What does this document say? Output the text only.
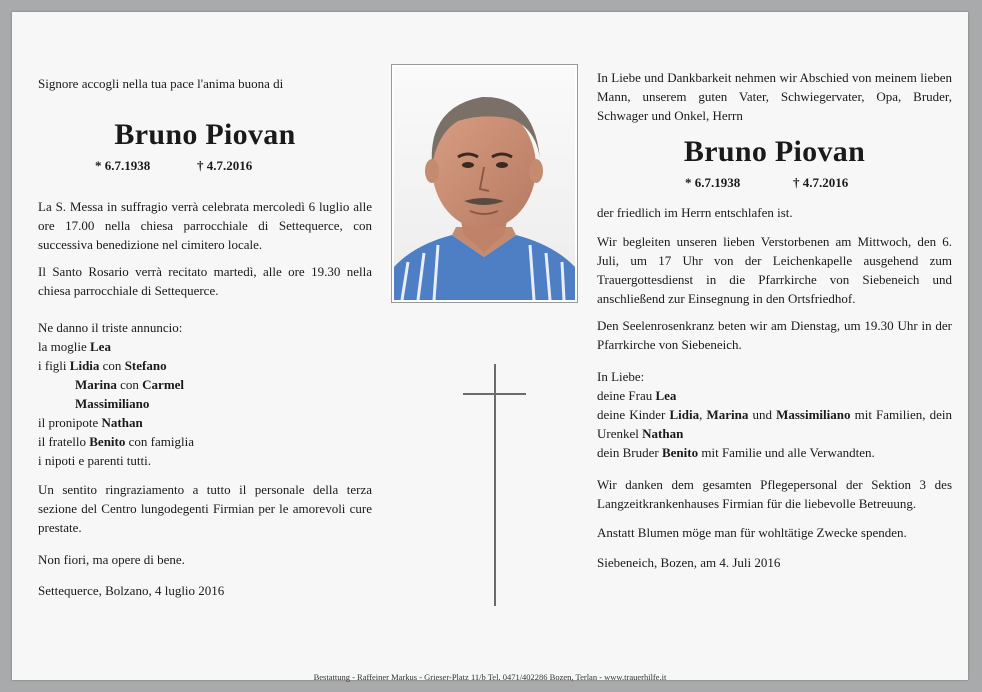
Signore accogli nella tua pace l'anima buona di
Bruno Piovan
* 6.7.1938	† 4.7.2016

La S. Messa in suffragio verrà celebrata mercoledì 6 luglio alle ore 17.00 nella chiesa parrocchiale di Settequerce, con successiva benedizione nel cimitero locale.

Il Santo Rosario verrà recitato martedì, alle ore 19.30 nella chiesa parrocchiale di Settequerce.

Ne danno il triste annuncio:
la moglie Lea
i figli Lidia con Stefano
Marina con Carmel
Massimiliano
il pronipote Nathan
il fratello Benito con famiglia
i nipoti e parenti tutti.

Un sentito ringraziamento a tutto il personale della terza sezione del Centro lungodegenti Firmian per le amorevoli cure prestate.

Non fiori, ma opere di bene.

Settequerce, Bolzano, 4 luglio 2016

In Liebe und Dankbarkeit nehmen wir Abschied von meinem lieben Mann, unserem guten Vater, Schwiegervater, Opa, Bruder, Schwager und Onkel, Herrn

Bruno Piovan
* 6.7.1938	† 4.7.2016

der friedlich im Herrn entschlafen ist.

Wir begleiten unseren lieben Verstorbenen am Mittwoch, den 6. Juli, um 17 Uhr von der Leichenkapelle ausgehend zum Trauergottesdienst in die Pfarrkirche von Siebeneich und anschließend zur Einsegnung in den Ortsfriedhof.

Den Seelenrosenkranz beten wir am Dienstag, um 19.30 Uhr in der Pfarrkirche von Siebeneich.

In Liebe:
deine Frau Lea
deine Kinder Lidia, Marina und Massimiliano mit Familien, dein Urenkel Nathan
dein Bruder Benito mit Familie und alle Verwandten.

Wir danken dem gesamten Pflegepersonal der Sektion 3 des Langzeitkrankenhauses Firmian für die liebevolle Betreuung.

Anstatt Blumen möge man für wohltätige Zwecke spenden.

Siebeneich, Bozen, am 4. Juli 2016

Bestattung - Raffeiner Markus - Grieser-Platz 11/b Tel. 0471/402286 Bozen, Terlan - www.trauerhilfe.it
